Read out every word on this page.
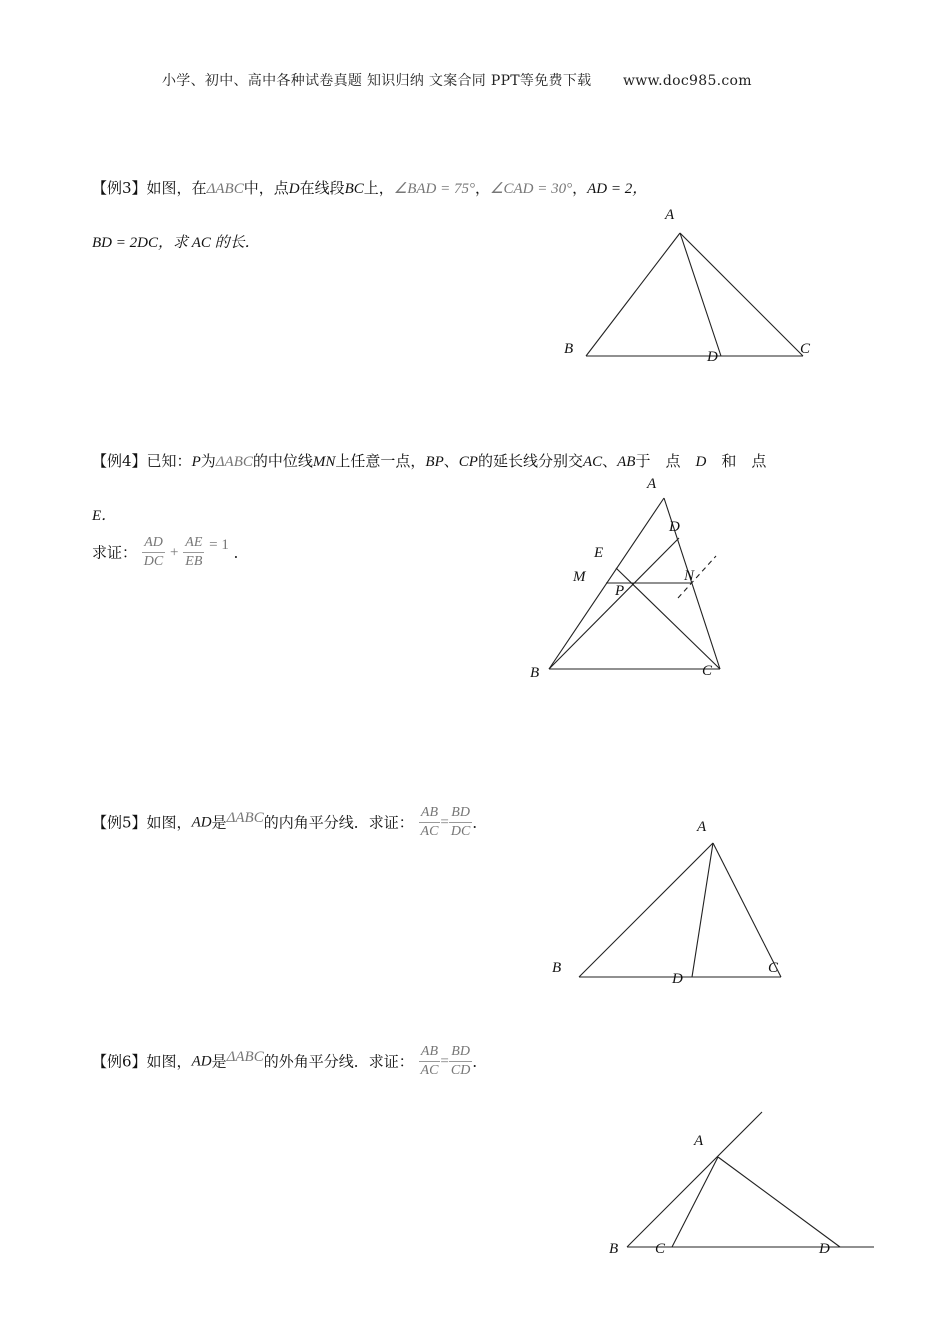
小学、初中、高中各种试卷真题 知识归纳 文案合同 PPT等免费下载 www.doc985.com
【例3】如图，在ΔABC中，点D在线段BC上，∠BAD = 75°，∠CAD = 30°，AD = 2，
BD = 2DC，求 AC 的长．
A
B	C
D
【例4】已知：P为ΔABC的中位线MN上任意一点，BP、CP的延长线分别交AC、AB于　点　D　和　点
E．
求证： $\frac{AD}{DC} + \frac{AE}{EB} = 1$ ．
A
D
E
M	N
P
B	C
【例5】如图，AD是ΔABC的内角平分线．求证： $\frac{AB}{AC} = \frac{BD}{DC}$ ．	A
B	C
D
【例6】如图，AD是ΔABC的外角平分线．求证： $\frac{AB}{AC} = \frac{BD}{CD}$ ．
A
B C	D
